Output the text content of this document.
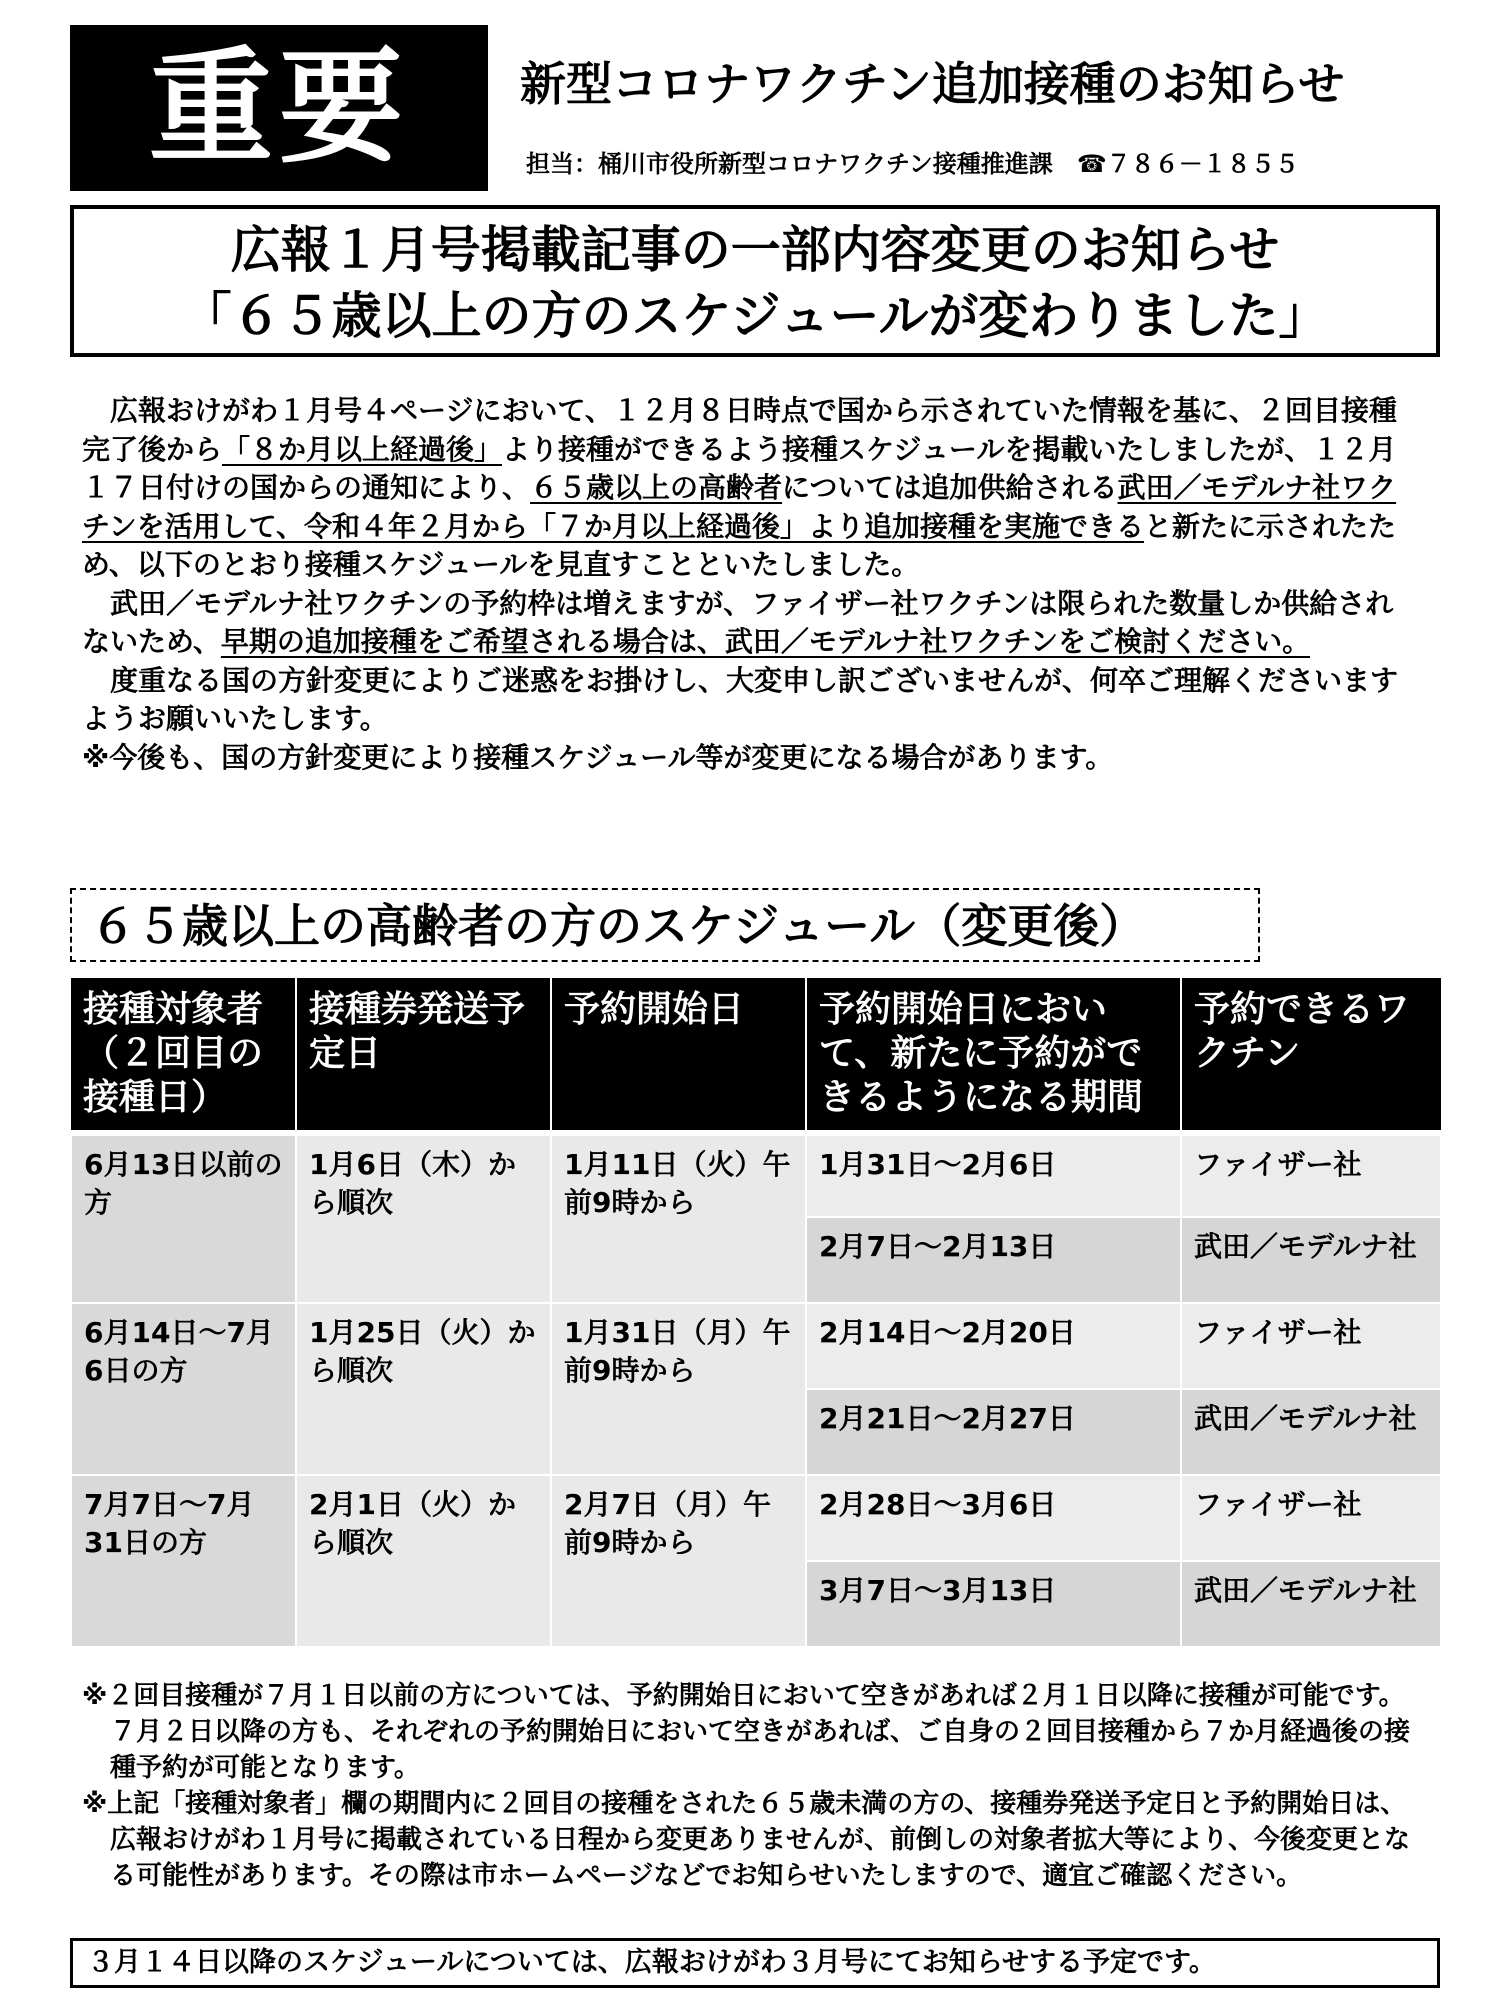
重要	新型コロナワクチン追加接種のお知らせ
担当：桶川市役所新型コロナワクチン接種推進課 ☎７８６－１８５５
広報１月号掲載記事の一部内容変更のお知らせ
「６５歳以上の方のスケジュールが変わりました」

　広報おけがわ１月号４ページにおいて、１２月８日時点で国から示されていた情報を基に、２回目接種完了後から「８か月以上経過後」より接種ができるよう接種スケジュールを掲載いたしましたが、１２月１７日付けの国からの通知により、６５歳以上の高齢者については追加供給される武田／モデルナ社ワクチンを活用して、令和４年２月から「７か月以上経過後」より追加接種を実施できると新たに示されたため、以下のとおり接種スケジュールを見直すことといたしました。

　武田／モデルナ社ワクチンの予約枠は増えますが、ファイザー社ワクチンは限られた数量しか供給されないため、早期の追加接種をご希望される場合は、武田／モデルナ社ワクチンをご検討ください。

　度重なる国の方針変更によりご迷惑をお掛けし、大変申し訳ございませんが、何卒ご理解くださいますようお願いいたします。

※今後も、国の方針変更により接種スケジュール等が変更になる場合があります。

６５歳以上の高齢者の方のスケジュール（変更後）
接種対象者（２回目の接種日）	接種券発送予定日	予約開始日	予約開始日において、新たに予約ができるようになる期間	予約できるワクチン
6月13日以前の方	1月6日（木）から順次	1月11日（火）午前9時から	1月31日～2月6日	ファイザー社
			2月7日～2月13日	武田／モデルナ社
6月14日～7月6日の方	1月25日（火）から順次	1月31日（月）午前9時から	2月14日～2月20日	ファイザー社
			2月21日～2月27日	武田／モデルナ社
7月7日～7月31日の方	2月1日（火）から順次	2月7日（月）午前9時から	2月28日～3月6日	ファイザー社
			3月7日～3月13日	武田／モデルナ社

※２回目接種が７月１日以前の方については、予約開始日において空きがあれば２月１日以降に接種が可能です。７月２日以降の方も、それぞれの予約開始日において空きがあれば、ご自身の２回目接種から７か月経過後の接種予約が可能となります。

※上記「接種対象者」欄の期間内に２回目の接種をされた６５歳未満の方の、接種券発送予定日と予約開始日は、広報おけがわ１月号に掲載されている日程から変更ありませんが、前倒しの対象者拡大等により、今後変更となる可能性があります。その際は市ホームページなどでお知らせいたしますので、適宜ご確認ください。

３月１４日以降のスケジュールについては、広報おけがわ３月号にてお知らせする予定です。
